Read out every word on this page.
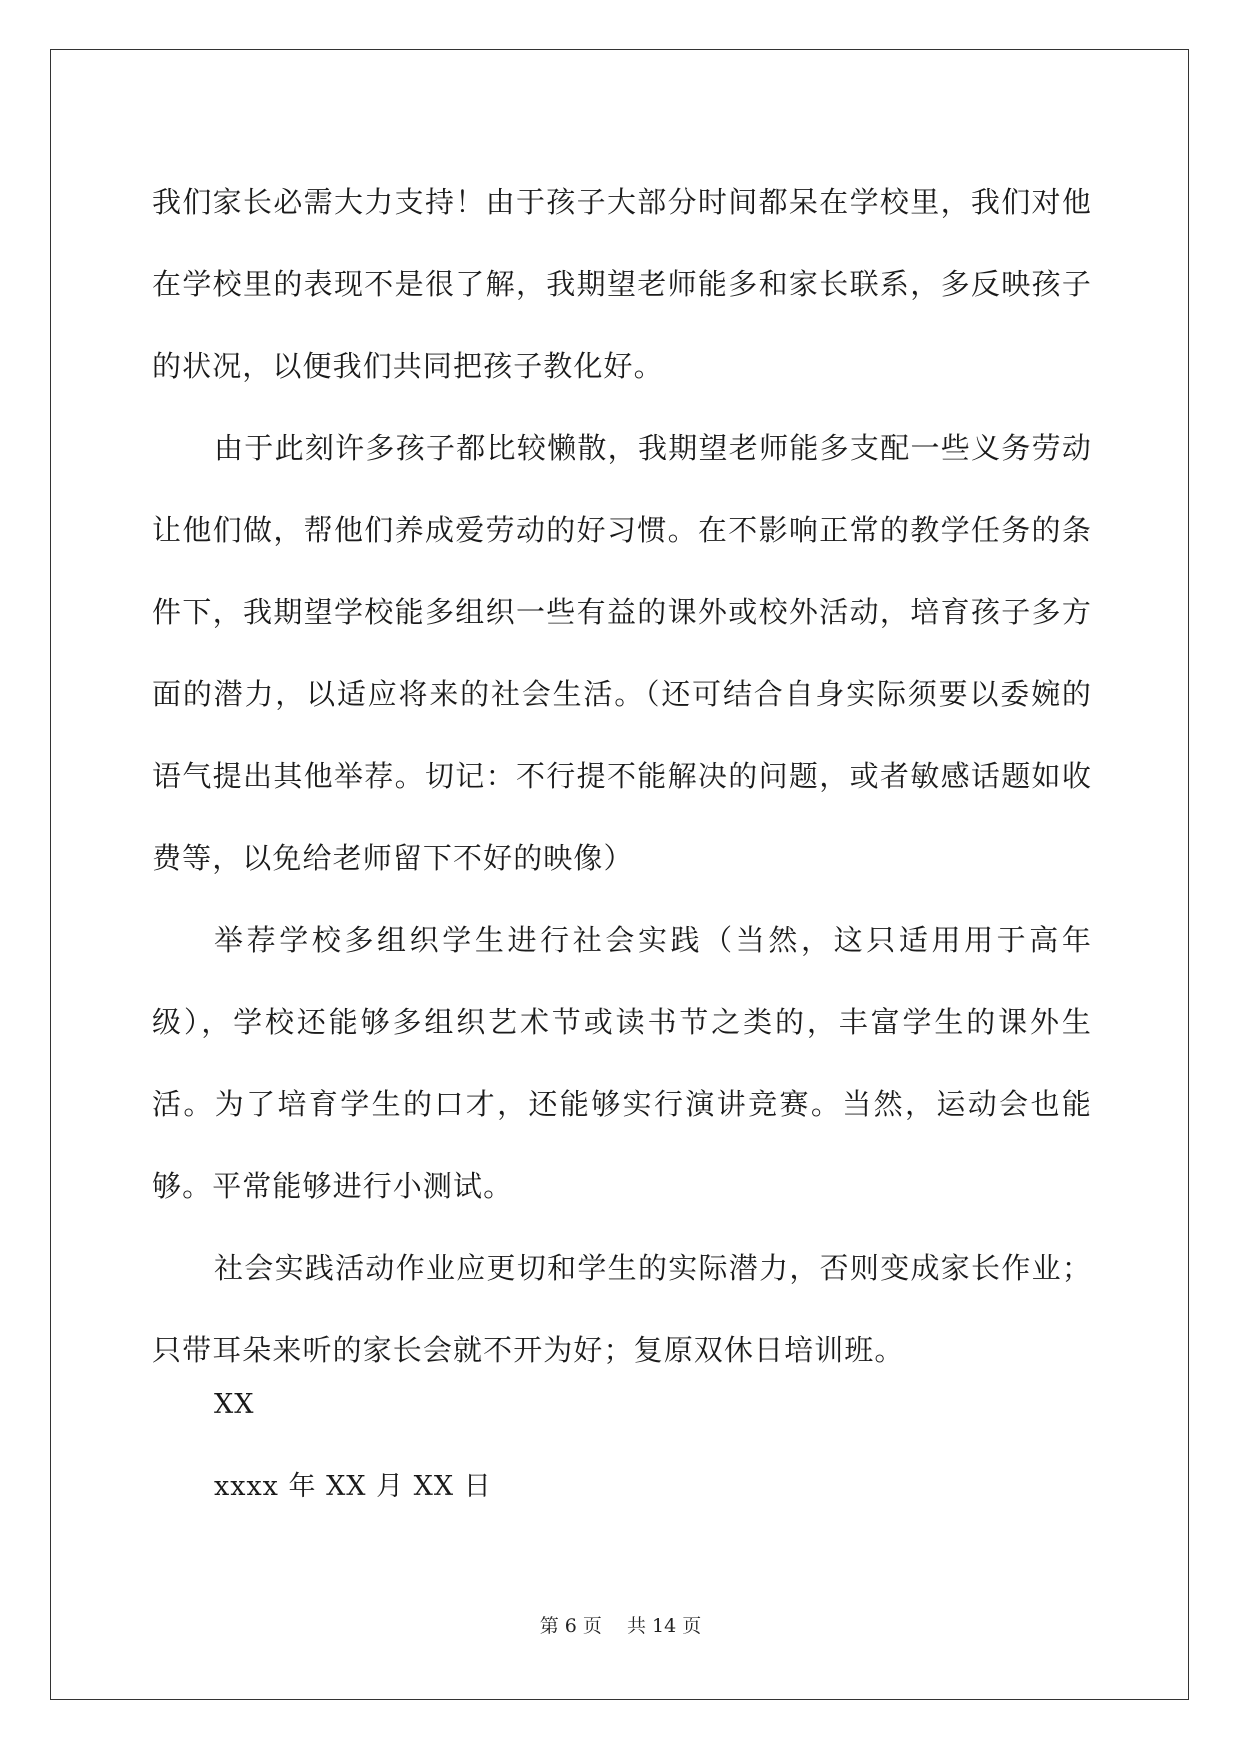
我们家长必需大力支持！由于孩子大部分时间都呆在学校里，我们对他在学校里的表现不是很了解，我期望老师能多和家长联系，多反映孩子的状况，以便我们共同把孩子教化好。

由于此刻许多孩子都比较懒散，我期望老师能多支配一些义务劳动让他们做，帮他们养成爱劳动的好习惯。在不影响正常的教学任务的条件下，我期望学校能多组织一些有益的课外或校外活动，培育孩子多方面的潜力，以适应将来的社会生活。（还可结合自身实际须要以委婉的语气提出其他举荐。切记：不行提不能解决的问题，或者敏感话题如收费等，以免给老师留下不好的映像）

举荐学校多组织学生进行社会实践（当然，这只适用用于高年级），学校还能够多组织艺术节或读书节之类的，丰富学生的课外生活。为了培育学生的口才，还能够实行演讲竞赛。当然，运动会也能够。平常能够进行小测试。

社会实践活动作业应更切和学生的实际潜力，否则变成家长作业；只带耳朵来听的家长会就不开为好；复原双休日培训班。

XX
xxxx 年 XX 月 XX 日
第 6 页　 共 14 页
